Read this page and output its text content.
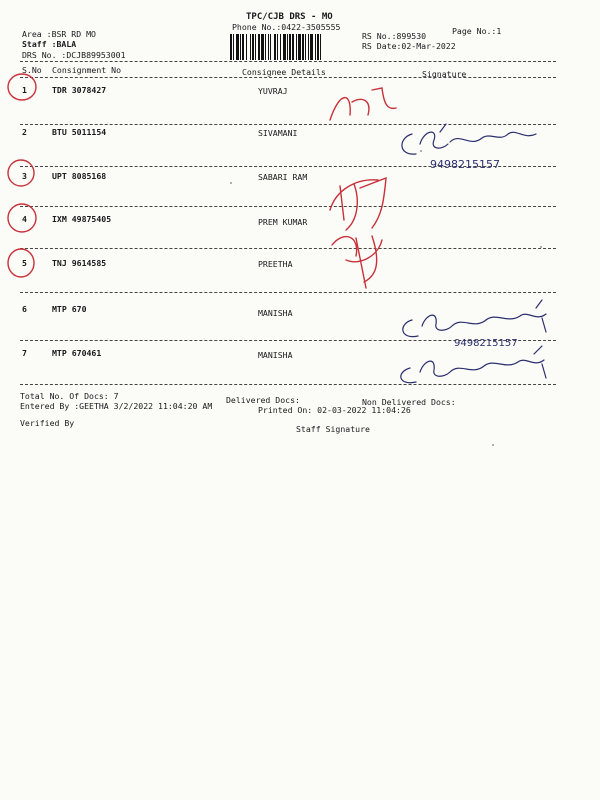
TPC/CJB DRS - MO
Phone No.:0422-3505555	Page No.:1
Area :BSR RD MO
Staff :BALA
DRS No. :DCJB89953001
RS No.:899530
RS Date:02-Mar-2022
S.No Consignment No	Consignee Details	Signature
1	TDR 3078427	YUVRAJ
2	BTU 5011154	SIVAMANI
3	UPT 8085168	SABARI RAM
4	IXM 49875405	PREM KUMAR
5	TNJ 9614585	PREETHA
6	MTP 670	MANISHA
7	MTP 670461	MANISHA
Total No. Of Docs: 7	Delivered Docs:	Non Delivered Docs:
Entered By :GEETHA 3/2/2022 11:04:20 AM	Printed On: 02-03-2022 11:04:26
Verified By
Staff Signature
9498215157
9498215157
